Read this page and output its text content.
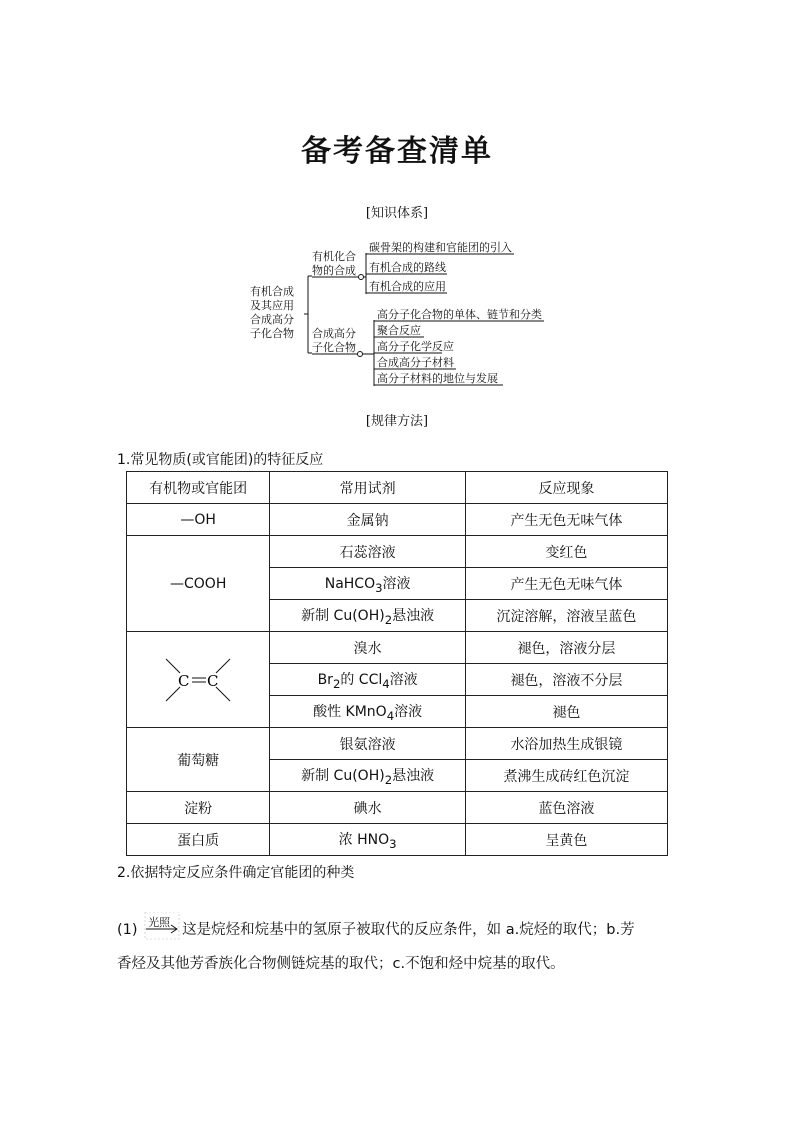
备考备查清单
[知识体系]
有机合成
及其应用
合成高分
子化合物
有机化合
物的合成
碳骨架的构建和官能团的引入
有机合成的路线
有机合成的应用
合成高分
子化合物
高分子化合物的单体、链节和分类
聚合反应
高分子化学反应
合成高分子材料
高分子材料的地位与发展
[规律方法]
1.常见物质(或官能团)的特征反应
有机物或官能团	常用试剂	反应现象
—OH	金属钠	产生无色无味气体
—COOH	石蕊溶液	变红色
	NaHCO$_3$溶液	产生无色无味气体
	新制 $Cu(OH)_2$悬浊液	沉淀溶解，溶液呈蓝色

C C	溴水	褪色，溶液分层
	$Br_2$的 CCl$_4$溶液	褪色，溶液不分层
	酸性 KMnO$_4$溶液	褪色
葡萄糖	银氨溶液	水浴加热生成银镜
	新制 $Cu(OH)_2$悬浊液	煮沸生成砖红色沉淀
淀粉	碘水	蓝色溶液
蛋白质	浓 $HNO_3$	呈黄色
2.依据特定反应条件确定官能团的种类
(1) 光照 这是烷烃和烷基中的氢原子被取代的反应条件，如 a.烷烃的取代；b.芳
香烃及其他芳香族化合物侧链烷基的取代；c.不饱和烃中烷基的取代。
